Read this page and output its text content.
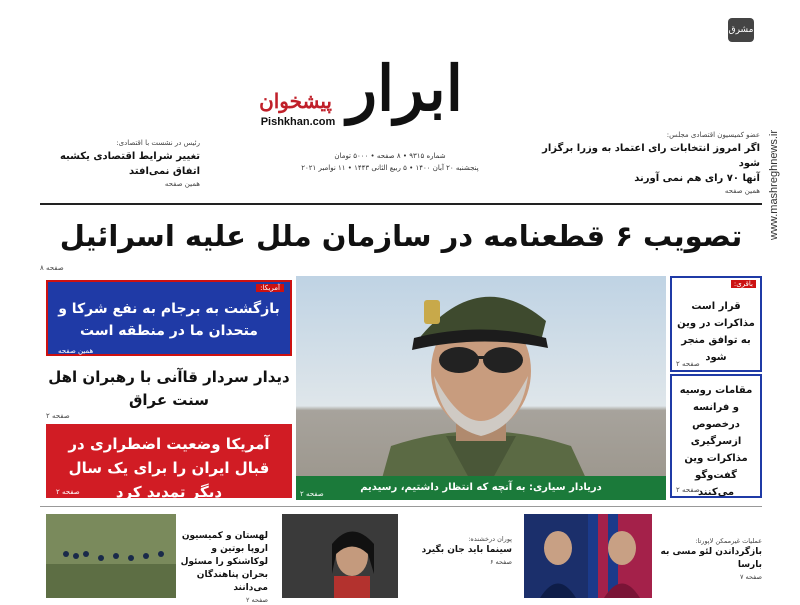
مشرق
www.mashreghnews.ir
ابرار
پیشخوان
Pishkhan.com
شماره ۹۳۱۵ • ۸ صفحه • ۵۰۰۰ تومان
پنجشنبه ۲۰ آبان ۱۴۰۰ • ۵ ربیع الثانی ۱۴۴۳ • ۱۱ نوامبر ۲۰۲۱
عضو کمیسیون اقتصادی مجلس:
اگر امروز انتخابات رای اعتماد به وزرا برگزار شود
آنها ۷۰ رای هم نمی آورند
همین صفحه
رئیس در نشست با اقتصادی:
تغییر شرایط اقتصادی یکشبه
اتفاق نمی‌افتد
همین صفحه
تصویب ۶ قطعنامه در سازمان ملل علیه اسرائیل
صفحه ۸
آمریکا:
بازگشت به برجام به نفع شرکا و متحدان ما در منطقه است
همین صفحه
دیدار سردار قاآنی با رهبران اهل سنت عراق
صفحه ۲
آمریکا وضعیت اضطراری در قبال ایران را برای یک سال دیگر تمدید کرد
صفحه ۲	دریادار سیاری: به آنچه که انتظار داشتیم، رسیدیم
صفحه ۲
باقری:
قرار است مذاکرات در وین به توافق منجر شود
صفحه ۲
مقامات روسیه و فرانسه درخصوص ازسرگیری مذاکرات وین گفت‌وگو می‌کنند
صفحه ۲
لهستان و کمیسیون اروپا بوتین و لوکاشنکو را مسئول بحران پناهندگان می‌دانند
صفحه ۲
پوران درخشنده:
سینما باید جان بگیرد
صفحه ۶
عملیات غیرممکن لاپورتا:
بازگرداندن لئو مسی به بارسا
صفحه ۷
